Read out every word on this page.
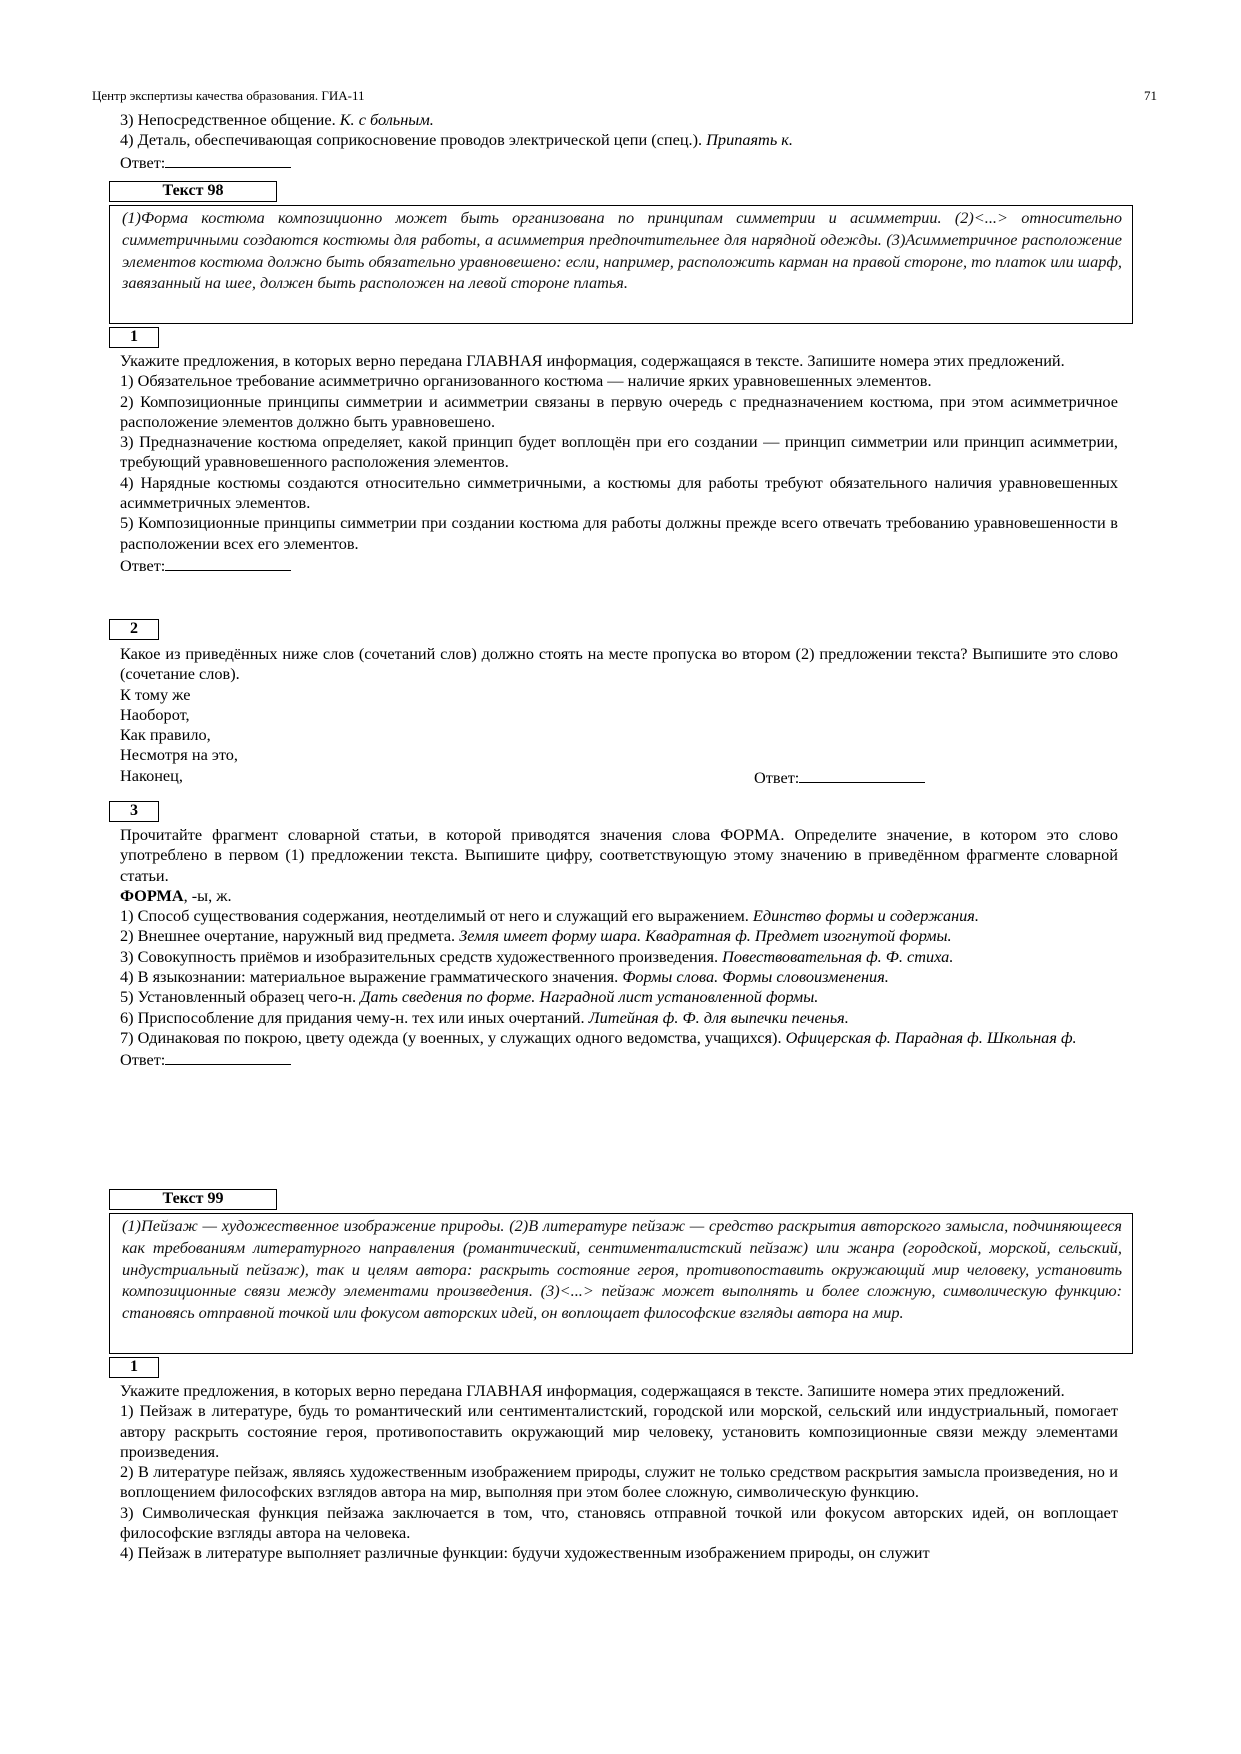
Центр экспертизы качества образования. ГИА-11	71

3) Непосредственное общение. К. с больным.

4) Деталь, обеспечивающая соприкосновение проводов электрической цепи (спец.). Припаять к.

Ответ:

Текст 98
(1)Форма костюма композиционно может быть организована по принципам симметрии и асимметрии. (2)<...> относительно симметричными создаются костюмы для работы, а асимметрия предпочтительнее для нарядной одежды. (3)Асимметричное расположение элементов костюма должно быть обязательно уравновешено: если, например, расположить карман на правой стороне, то платок или шарф, завязанный на шее, должен быть расположен на левой стороне платья.
1

Укажите предложения, в которых верно передана ГЛАВНАЯ информация, содержащаяся в тексте. Запишите номера этих предложений.

1) Обязательное требование асимметрично организованного костюма — наличие ярких уравновешенных элементов.

2) Композиционные принципы симметрии и асимметрии связаны в первую очередь с предназначением костюма, при этом асимметричное расположение элементов должно быть уравновешено.

3) Предназначение костюма определяет, какой принцип будет воплощён при его создании — принцип симметрии или принцип асимметрии, требующий уравновешенного расположения элементов.

4) Нарядные костюмы создаются относительно симметричными, а костюмы для работы требуют обязательного наличия уравновешенных асимметричных элементов.

5) Композиционные принципы симметрии при создании костюма для работы должны прежде всего отвечать требованию уравновешенности в расположении всех его элементов.

Ответ:

2

Какое из приведённых ниже слов (сочетаний слов) должно стоять на месте пропуска во втором (2) предложении текста? Выпишите это слово (сочетание слов).

К тому же

Наоборот,

Как правило,

Несмотря на это,

Наконец,	Ответ:
3

Прочитайте фрагмент словарной статьи, в которой приводятся значения слова ФОРМА. Определите значение, в котором это слово употреблено в первом (1) предложении текста. Выпишите цифру, соответствующую этому значению в приведённом фрагменте словарной статьи.

ФОРМА, -ы, ж.

1) Способ существования содержания, неотделимый от него и служащий его выражением. Единство формы и содержания.

2) Внешнее очертание, наружный вид предмета. Земля имеет форму шара. Квадратная ф. Предмет изогнутой формы.

3) Совокупность приёмов и изобразительных средств художественного произведения. Повествовательная ф. Ф. стиха.

4) В языкознании: материальное выражение грамматического значения. Формы слова. Формы словоизменения.

5) Установленный образец чего-н. Дать сведения по форме. Наградной лист установленной формы.

6) Приспособление для придания чему-н. тех или иных очертаний. Литейная ф. Ф. для выпечки печенья.

7) Одинаковая по покрою, цвету одежда (у военных, у служащих одного ведомства, учащихся). Офицерская ф. Парадная ф. Школьная ф.

Ответ:

Текст 99
(1)Пейзаж — художественное изображение природы. (2)В литературе пейзаж — средство раскрытия авторского замысла, подчиняющееся как требованиям литературного направления (романтический, сентименталистский пейзаж) или жанра (городской, морской, сельский, индустриальный пейзаж), так и целям автора: раскрыть состояние героя, противопоставить окружающий мир человеку, установить композиционные связи между элементами произведения. (3)<...> пейзаж может выполнять и более сложную, символическую функцию: становясь отправной точкой или фокусом авторских идей, он воплощает философские взгляды автора на мир.
1

Укажите предложения, в которых верно передана ГЛАВНАЯ информация, содержащаяся в тексте. Запишите номера этих предложений.

1) Пейзаж в литературе, будь то романтический или сентименталистский, городской или морской, сельский или индустриальный, помогает автору раскрыть состояние героя, противопоставить окружающий мир человеку, установить композиционные связи между элементами произведения.

2) В литературе пейзаж, являясь художественным изображением природы, служит не только средством раскрытия замысла произведения, но и воплощением философских взглядов автора на мир, выполняя при этом более сложную, символическую функцию.

3) Символическая функция пейзажа заключается в том, что, становясь отправной точкой или фокусом авторских идей, он воплощает философские взгляды автора на человека.

4) Пейзаж в литературе выполняет различные функции: будучи художественным изображением природы, он служит
